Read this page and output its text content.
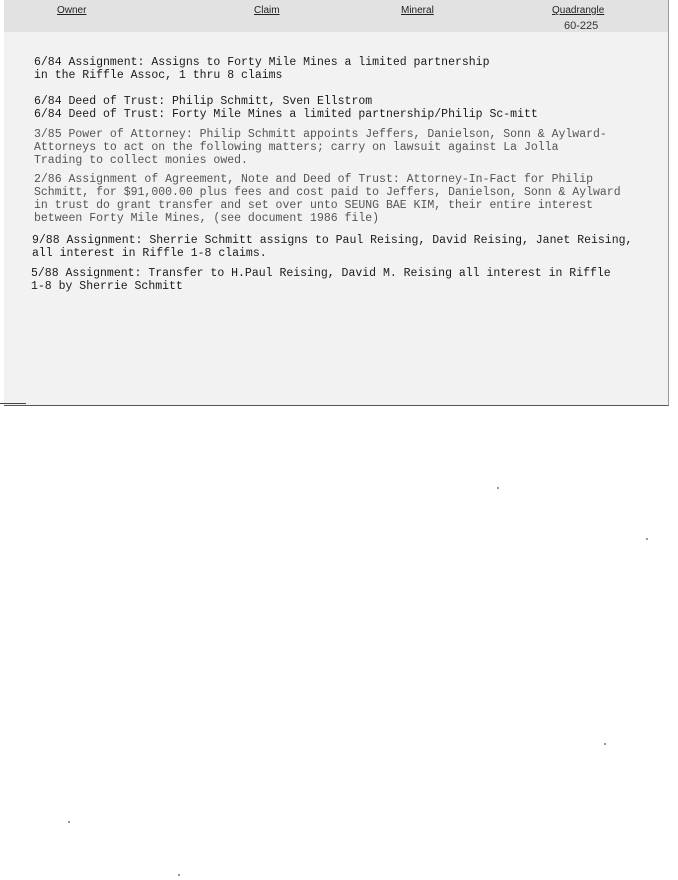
Owner	Claim	Mineral	Quadrangle
60-225
6/84 Assignment: Assigns to Forty Mile Mines a limited partnership
in the Riffle Assoc, 1 thru 8 claims
6/84 Deed of Trust: Philip Schmitt, Sven Ellstrom
6/84 Deed of Trust: Forty Mile Mines a limited partnership/Philip Sc-mitt
3/85 Power of Attorney: Philip Schmitt appoints Jeffers, Danielson, Sonn & Aylward-
Attorneys to act on the following matters; carry on lawsuit against La Jolla
Trading to collect monies owed.
2/86 Assignment of Agreement, Note and Deed of Trust: Attorney-In-Fact for Philip
Schmitt, for $91,000.00 plus fees and cost paid to Jeffers, Danielson, Sonn & Aylward
in trust do grant transfer and set over unto SEUNG BAE KIM, their entire interest
between Forty Mile Mines, (see document 1986 file)
9/88 Assignment: Sherrie Schmitt assigns to Paul Reising, David Reising, Janet Reising,
all interest in Riffle 1-8 claims.
5/88 Assignment: Transfer to H.Paul Reising, David M. Reising all interest in Riffle
1-8 by Sherrie Schmitt
